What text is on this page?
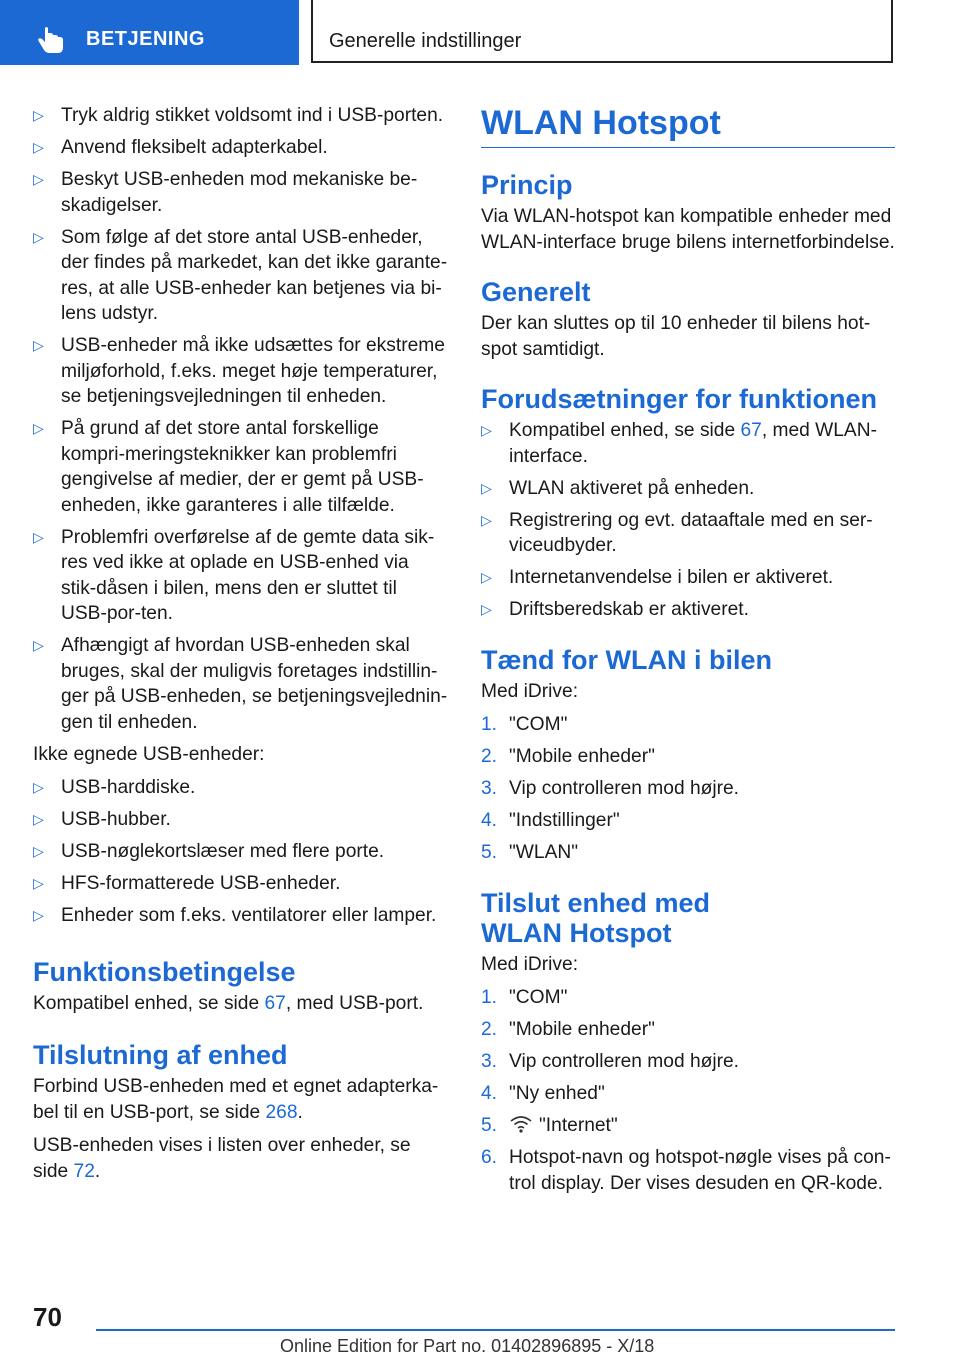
BETJENING	Generelle indstillinger
▷ Tryk aldrig stikket voldsomt ind i USB-porten.
▷ Anvend fleksibelt adapterkabel.
▷ Beskyt USB-enheden mod mekaniske be-skadigelser.
▷ Som følge af det store antal USB-enheder, der findes på markedet, kan det ikke garante-res, at alle USB-enheder kan betjenes via bi-lens udstyr.
▷ USB-enheder må ikke udsættes for ekstreme miljøforhold, f.eks. meget høje temperaturer, se betjeningsvejledningen til enheden.
▷ På grund af det store antal forskellige kompri-meringsteknikker kan problemfri gengivelse af medier, der er gemt på USB-enheden, ikke garanteres i alle tilfælde.
▷ Problemfri overførelse af de gemte data sik-res ved ikke at oplade en USB-enhed via stik-dåsen i bilen, mens den er sluttet til USB-por-ten.
▷ Afhængigt af hvordan USB-enheden skal bruges, skal der muligvis foretages indstillin-ger på USB-enheden, se betjeningsvejlednin-gen til enheden.

Ikke egnede USB-enheder:

▷ USB-harddiske.
▷ USB-hubber.
▷ USB-nøglekortslæser med flere porte.
▷ HFS-formatterede USB-enheder.
▷ Enheder som f.eks. ventilatorer eller lamper.
Funktionsbetingelse

Kompatibel enhed, se side 67, med USB-port.

Tilslutning af enhed

Forbind USB-enheden med et egnet adapterka-bel til en USB-port, se side 268.

USB-enheden vises i listen over enheder, se side 72.

WLAN Hotspot
Princip

Via WLAN-hotspot kan kompatible enheder med WLAN-interface bruge bilens internetforbindelse.

Generelt

Der kan sluttes op til 10 enheder til bilens hot-spot samtidigt.

Forudsætninger for funktionen
▷ Kompatibel enhed, se side 67, med WLAN-interface.
▷ WLAN aktiveret på enheden.
▷ Registrering og evt. dataaftale med en ser-viceudbyder.
▷ Internetanvendelse i bilen er aktiveret.
▷ Driftsberedskab er aktiveret.
Tænd for WLAN i bilen

Med iDrive:

1. "COM"
2. "Mobile enheder"
3. Vip controlleren mod højre.
4. "Indstillinger"
5. "WLAN"
Tilslut enhed med
WLAN Hotspot

Med iDrive:

1. "COM"
2. "Mobile enheder"
3. Vip controlleren mod højre.
4. "Ny enhed"
5. "Internet"
6. Hotspot-navn og hotspot-nøgle vises på con-trol display. Der vises desuden en QR-kode.
70
Online Edition for Part no. 01402896895 - X/18
